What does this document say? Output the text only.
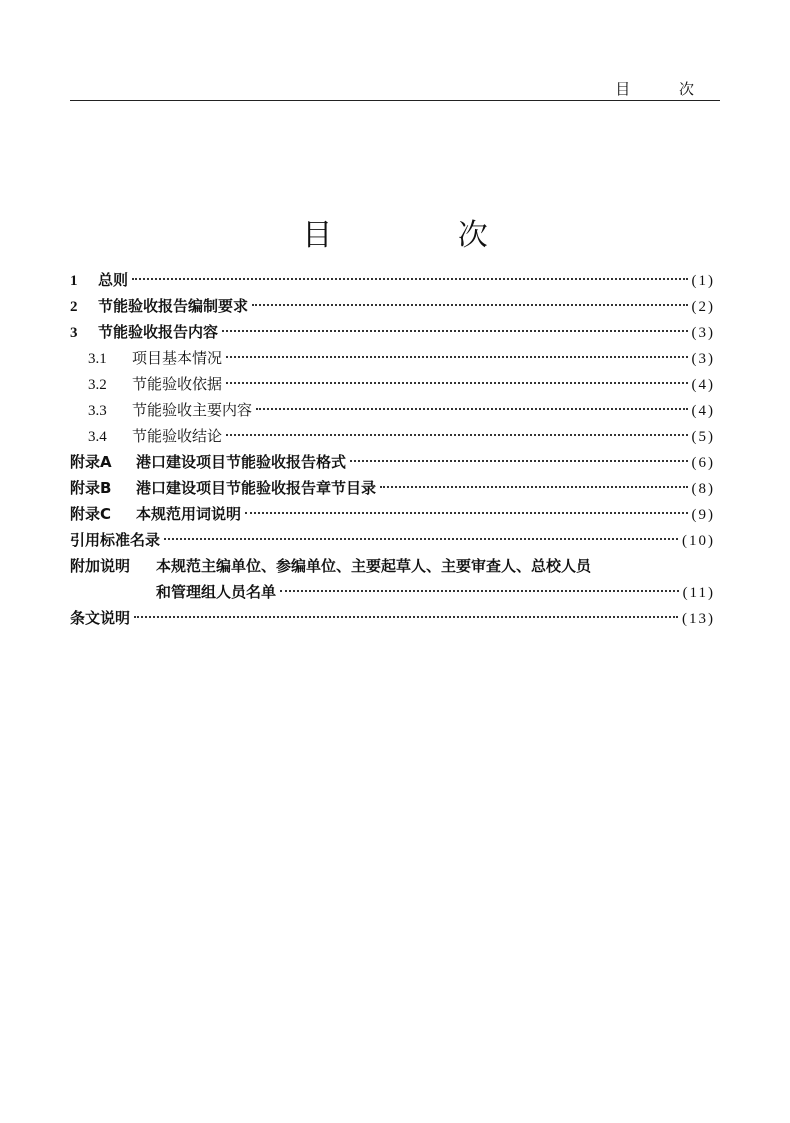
目 次
目 次
1	总则	(1)
2	节能验收报告编制要求	(2)
3	节能验收报告内容	(3)
3.1	项目基本情况	(3)
3.2	节能验收依据	(4)
3.3	节能验收主要内容	(4)
3.4	节能验收结论	(5)
附录A	港口建设项目节能验收报告格式	(6)
附录B	港口建设项目节能验收报告章节目录	(8)
附录C	本规范用词说明	(9)
引用标准名录	(10)
附加说明	本规范主编单位、参编单位、主要起草人、主要审查人、总校人员
和管理组人员名单	(11)
条文说明	(13)
